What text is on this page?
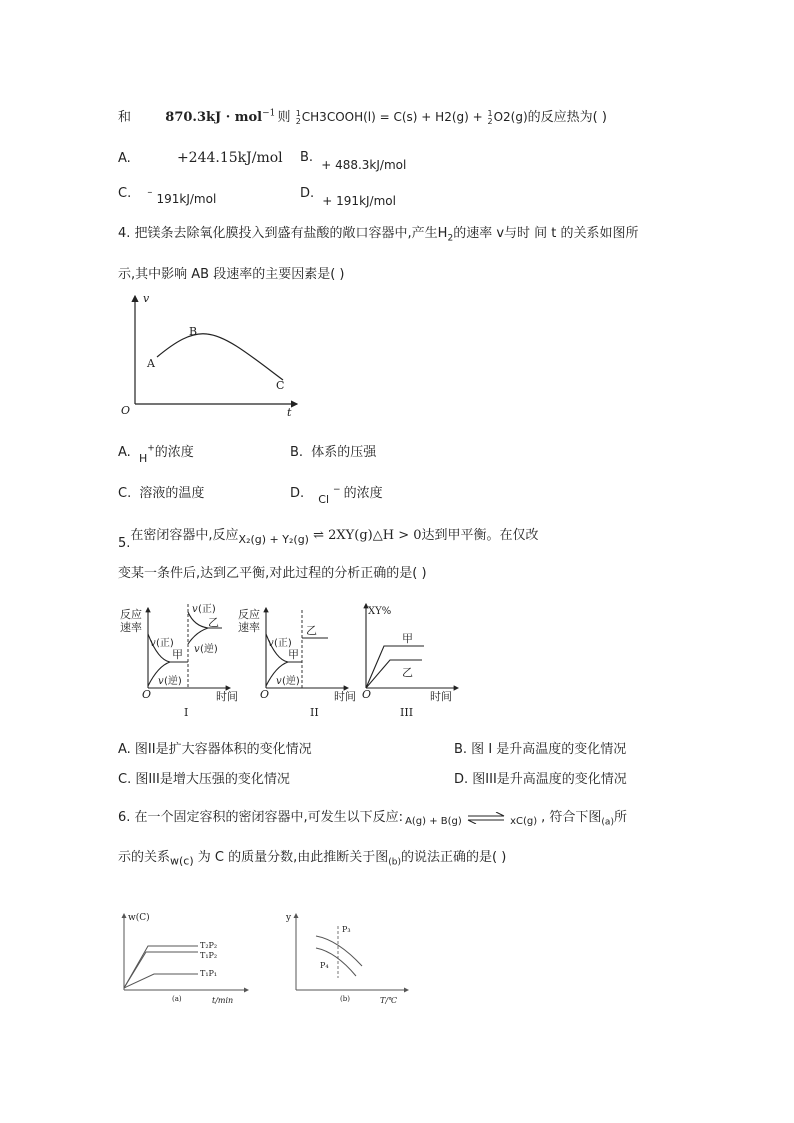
和	870.3kJ · mol$^{-1}$ 则 1
2 CH3COOH(l) = C(s) + H2(g) + 1
2 O2(g)的反应热为( )
A.	+244.15kJ/mol B. + 488.3kJ/mol
C. – 191kJ/mol	D. + 191kJ/mol
4. 把镁条去除氧化膜投入到盛有盐酸的敞口容器中,产生$H_2$的速率 v与时 间 t 的关系如图所
示,其中影响 AB 段速率的主要因素是( )
v
t
O
A
B
C
A. $_H$+的浓度	B. 体系的压强
C. 溶液的温度	D. $_{Cl}$− 的浓度
5.在密闭容器中,反应$_{X_2(g) + Y_2(g)}$ ⇌ 2XY(g)△H > 0达到甲平衡。在仅改
变某一条件后,达到乙平衡,对此过程的分析正确的是( )
反应
速率
O	时间
v (正)
乙
v (逆)
v (正)
甲
v (逆)
I
反应
速率
O	时间
乙
v (正)
甲
v (逆)
II
XY%
O	时间
甲
乙
III
A. 图II是扩大容器体积的变化情况	B. 图 I 是升高温度的变化情况
C. 图III是增大压强的变化情况	D. 图III是升高温度的变化情况
6. 在一个固定容积的密闭容器中,可发生以下反应: $_{A(g) + B(g)}$	$_{xC(g)}$ , 符合下图$_{(a)}$所
示的关系$_{w(c)}$ 为 C 的质量分数,由此推断关于图$_{(b)}$的说法正确的是( )
w(C)
t/min
(a)
T₂P₂
T₁P₂
T₁P₁
y
T/℃
(b)
P₃
P₄
